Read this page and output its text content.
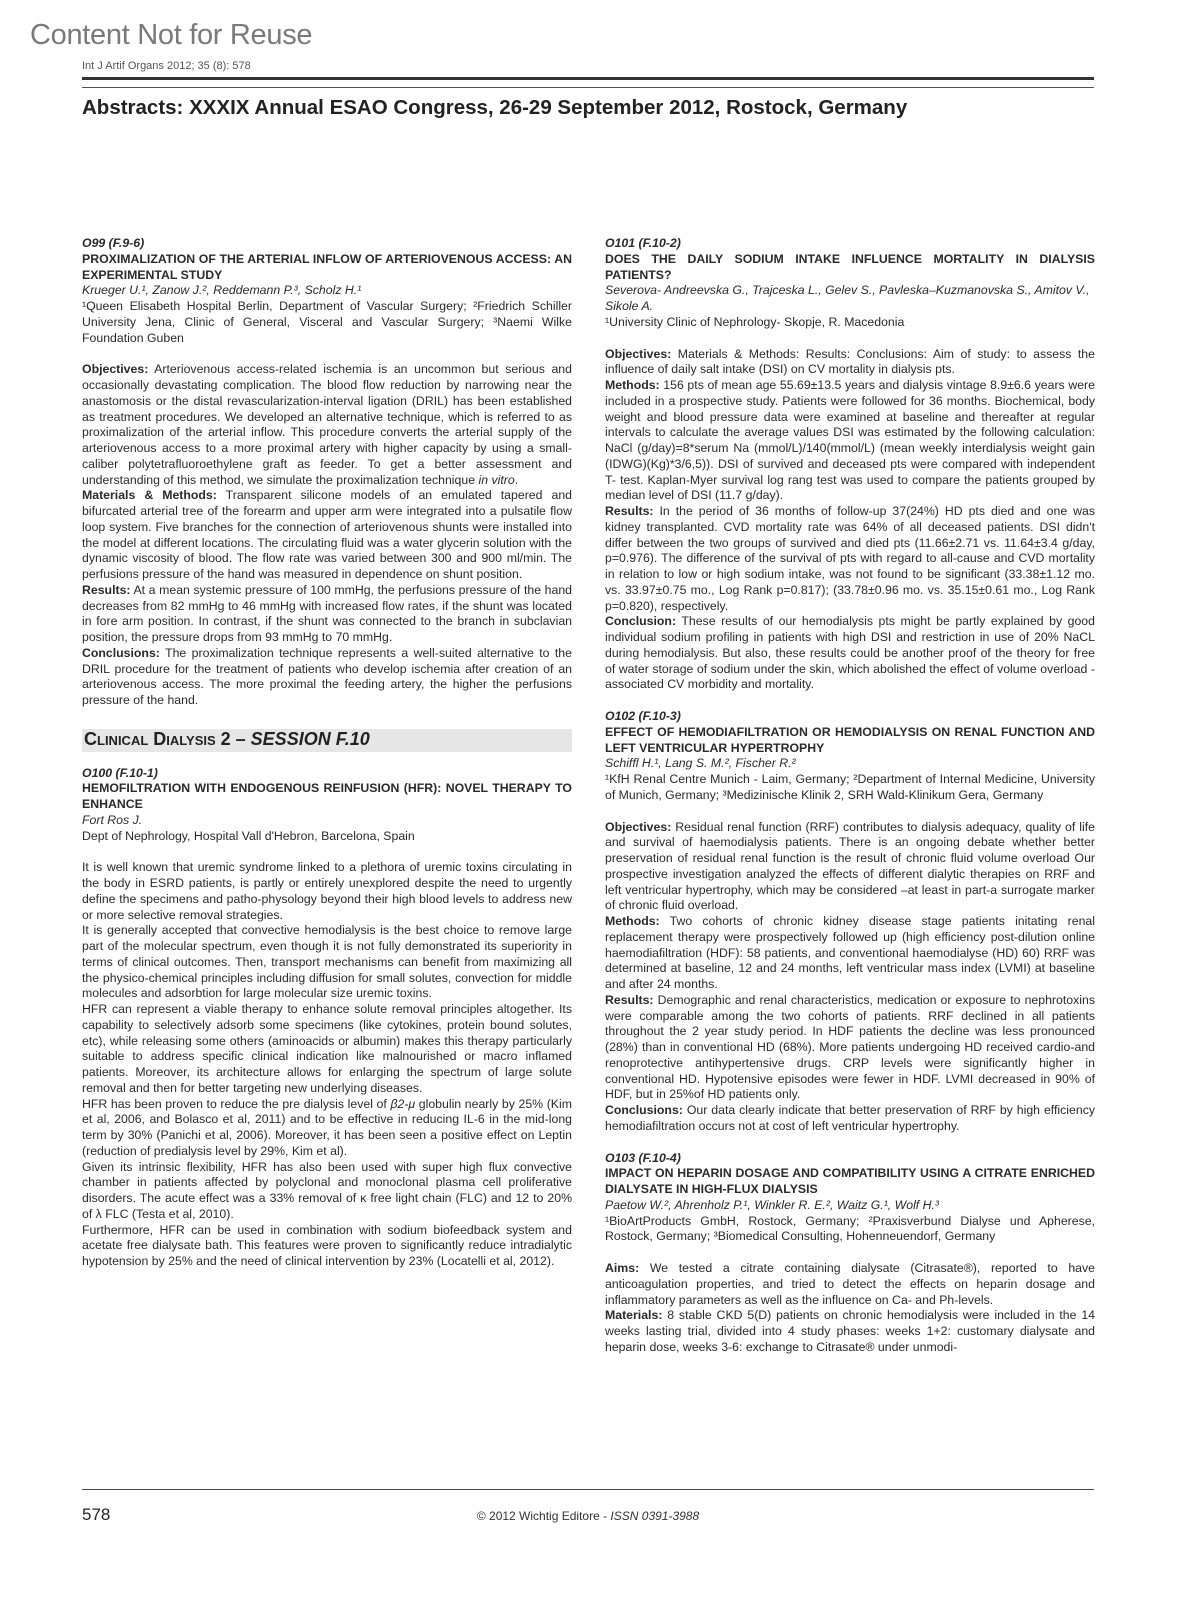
Content Not for Reuse
Int J Artif Organs 2012; 35 (8): 578
Abstracts: XXXIX Annual ESAO Congress, 26-29 September 2012, Rostock, Germany
O99 (F.9-6)
PROXIMALIZATION OF THE ARTERIAL INFLOW OF ARTERIOVENOUS ACCESS: AN EXPERIMENTAL STUDY
Krueger U.¹, Zanow J.², Reddemann P.³, Scholz H.¹
¹Queen Elisabeth Hospital Berlin, Department of Vascular Surgery; ²Friedrich Schiller University Jena, Clinic of General, Visceral and Vascular Surgery; ³Naemi Wilke Foundation Guben
Objectives: Arteriovenous access-related ischemia is an uncommon but serious and occasionally devastating complication. The blood flow reduction by narrowing near the anastomosis or the distal revascularization-interval ligation (DRIL) has been established as treatment procedures. We developed an alternative technique, which is referred to as proximalization of the arterial inflow. This procedure converts the arterial supply of the arteriovenous access to a more proximal artery with higher capacity by using a small-caliber polytetrafluoroethylene graft as feeder. To get a better assessment and understanding of this method, we simulate the proximalization technique in vitro.
Materials & Methods: Transparent silicone models of an emulated tapered and bifurcated arterial tree of the forearm and upper arm were integrated into a pulsatile flow loop system. Five branches for the connection of arteriovenous shunts were installed into the model at different locations. The circulating fluid was a water glycerin solution with the dynamic viscosity of blood. The flow rate was varied between 300 and 900 ml/min. The perfusions pressure of the hand was measured in dependence on shunt position.
Results: At a mean systemic pressure of 100 mmHg, the perfusions pressure of the hand decreases from 82 mmHg to 46 mmHg with increased flow rates, if the shunt was located in fore arm position. In contrast, if the shunt was connected to the branch in subclavian position, the pressure drops from 93 mmHg to 70 mmHg.
Conclusions: The proximalization technique represents a well-suited alternative to the DRIL procedure for the treatment of patients who develop ischemia after creation of an arteriovenous access. The more proximal the feeding artery, the higher the perfusions pressure of the hand.
Clinical Dialysis 2 – SESSION F.10
O100 (F.10-1)
HEMOFILTRATION WITH ENDOGENOUS REINFUSION (HFR): NOVEL THERAPY TO ENHANCE
Fort Ros J.
Dept of Nephrology, Hospital Vall d'Hebron, Barcelona, Spain
It is well known that uremic syndrome linked to a plethora of uremic toxins circulating in the body in ESRD patients, is partly or entirely unexplored despite the need to urgently define the specimens and patho-physology beyond their high blood levels to address new or more selective removal strategies.
It is generally accepted that convective hemodialysis is the best choice to remove large part of the molecular spectrum, even though it is not fully demonstrated its superiority in terms of clinical outcomes. Then, transport mechanisms can benefit from maximizing all the physico-chemical principles including diffusion for small solutes, convection for middle molecules and adsorbtion for large molecular size uremic toxins.
HFR can represent a viable therapy to enhance solute removal principles altogether. Its capability to selectively adsorb some specimens (like cytokines, protein bound solutes, etc), while releasing some others (aminoacids or albumin) makes this therapy particularly suitable to address specific clinical indication like malnourished or macro inflamed patients. Moreover, its architecture allows for enlarging the spectrum of large solute removal and then for better targeting new underlying diseases.
HFR has been proven to reduce the pre dialysis level of β2-μ globulin nearly by 25% (Kim et al, 2006, and Bolasco et al, 2011) and to be effective in reducing IL-6 in the mid-long term by 30% (Panichi et al, 2006). Moreover, it has been seen a positive effect on Leptin (reduction of predialysis level by 29%, Kim et al).
Given its intrinsic flexibility, HFR has also been used with super high flux convective chamber in patients affected by polyclonal and monoclonal plasma cell proliferative disorders. The acute effect was a 33% removal of κ free light chain (FLC) and 12 to 20% of λ FLC (Testa et al, 2010).
Furthermore, HFR can be used in combination with sodium biofeedback system and acetate free dialysate bath. This features were proven to significantly reduce intradialytic hypotension by 25% and the need of clinical intervention by 23% (Locatelli et al, 2012).
O101 (F.10-2)
DOES THE DAILY SODIUM INTAKE INFLUENCE MORTALITY IN DIALYSIS PATIENTS?
Severova- Andreevska G., Trajceska L., Gelev S., Pavleska–Kuzmanovska S., Amitov V., Sikole A.
¹University Clinic of Nephrology- Skopje, R. Macedonia
Objectives: Materials & Methods: Results: Conclusions: Aim of study: to assess the influence of daily salt intake (DSI) on CV mortality in dialysis pts.
Methods: 156 pts of mean age 55.69±13.5 years and dialysis vintage 8.9±6.6 years were included in a prospective study. Patients were followed for 36 months. Biochemical, body weight and blood pressure data were examined at baseline and thereafter at regular intervals to calculate the average values DSI was estimated by the following calculation: NaCl (g/day)=8*serum Na (mmol/L)/140(mmol/L) (mean weekly interdialysis weight gain (IDWG)(Kg)*3/6,5)). DSI of survived and deceased pts were compared with independent T- test. Kaplan-Myer survival log rang test was used to compare the patients grouped by median level of DSI (11.7 g/day).
Results: In the period of 36 months of follow-up 37(24%) HD pts died and one was kidney transplanted. CVD mortality rate was 64% of all deceased patients. DSI didn't differ between the two groups of survived and died pts (11.66±2.71 vs. 11.64±3.4 g/day, p=0.976). The difference of the survival of pts with regard to all-cause and CVD mortality in relation to low or high sodium intake, was not found to be significant (33.38±1.12 mo. vs. 33.97±0.75 mo., Log Rank p=0.817); (33.78±0.96 mo. vs. 35.15±0.61 mo., Log Rank p=0.820), respectively.
Conclusion: These results of our hemodialysis pts might be partly explained by good individual sodium profiling in patients with high DSI and restriction in use of 20% NaCL during hemodialysis. But also, these results could be another proof of the theory for free of water storage of sodium under the skin, which abolished the effect of volume overload -associated CV morbidity and mortality.
O102 (F.10-3)
EFFECT OF HEMODIAFILTRATION OR HEMODIALYSIS ON RENAL FUNCTION AND LEFT VENTRICULAR HYPERTROPHY
Schiffl H.¹, Lang S. M.², Fischer R.²
¹KfH Renal Centre Munich - Laim, Germany; ²Department of Internal Medicine, University of Munich, Germany; ³Medizinische Klinik 2, SRH Wald-Klinikum Gera, Germany
Objectives: Residual renal function (RRF) contributes to dialysis adequacy, quality of life and survival of haemodialysis patients. There is an ongoing debate whether better preservation of residual renal function is the result of chronic fluid volume overload Our prospective investigation analyzed the effects of different dialytic therapies on RRF and left ventricular hypertrophy, which may be considered –at least in part-a surrogate marker of chronic fluid overload.
Methods: Two cohorts of chronic kidney disease stage patients initating renal replacement therapy were prospectively followed up (high efficiency post-dilution online haemodiafiltration (HDF): 58 patients, and conventional haemodialyse (HD) 60) RRF was determined at baseline, 12 and 24 months, left ventricular mass index (LVMI) at baseline and after 24 months.
Results: Demographic and renal characteristics, medication or exposure to nephrotoxins were comparable among the two cohorts of patients. RRF declined in all patients throughout the 2 year study period. In HDF patients the decline was less pronounced (28%) than in conventional HD (68%). More patients undergoing HD received cardio-and renoprotective antihypertensive drugs. CRP levels were significantly higher in conventional HD. Hypotensive episodes were fewer in HDF. LVMI decreased in 90% of HDF, but in 25%of HD patients only.
Conclusions: Our data clearly indicate that better preservation of RRF by high efficiency hemodiafiltration occurs not at cost of left ventricular hypertrophy.
O103 (F.10-4)
IMPACT ON HEPARIN DOSAGE AND COMPATIBILITY USING A CITRATE ENRICHED DIALYSATE IN HIGH-FLUX DIALYSIS
Paetow W.², Ahrenholz P.¹, Winkler R. E.², Waitz G.¹, Wolf H.³
¹BioArtProducts GmbH, Rostock, Germany; ²Praxisverbund Dialyse und Apherese, Rostock, Germany; ³Biomedical Consulting, Hohenneuendorf, Germany
Aims: We tested a citrate containing dialysate (Citrasate®), reported to have anticoagulation properties, and tried to detect the effects on heparin dosage and inflammatory parameters as well as the influence on Ca- and Ph-levels.
Materials: 8 stable CKD 5(D) patients on chronic hemodialysis were included in the 14 weeks lasting trial, divided into 4 study phases: weeks 1+2: customary dialysate and heparin dose, weeks 3-6: exchange to Citrasate® under unmodi-
578	© 2012 Wichtig Editore - ISSN 0391-3988
